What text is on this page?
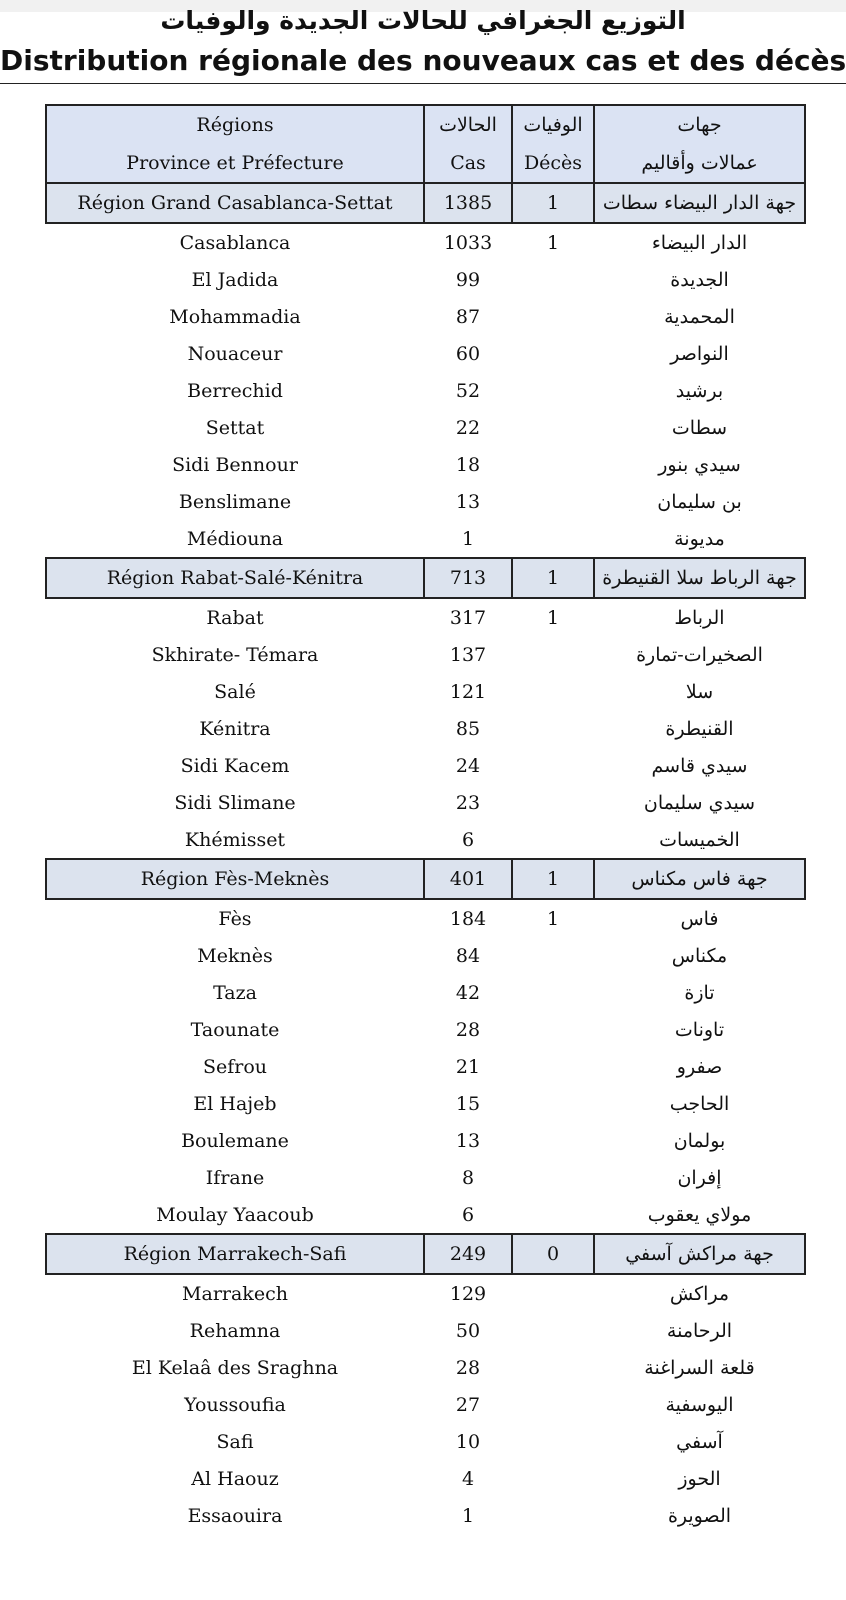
التوزيع الجغرافي للحالات الجديدة والوفيات
Distribution régionale des nouveaux cas et des décès
Régions	الحالات	الوفيات	جهات
Province et Préfecture	Cas	Décès	عمالات وأقاليم
Région Grand Casablanca-Settat	1385	1	جهة الدار البيضاء سطات
Casablanca	1033	1	الدار البيضاء
El Jadida	99		الجديدة
Mohammadia	87		المحمدية
Nouaceur	60		النواصر
Berrechid	52		برشيد
Settat	22		سطات
Sidi Bennour	18		سيدي بنور
Benslimane	13		بن سليمان
Médiouna	1		مديونة
Région Rabat-Salé-Kénitra	713	1	جهة الرباط سلا القنيطرة
Rabat	317	1	الرباط
Skhirate- Témara	137		الصخيرات-تمارة
Salé	121		سلا
Kénitra	85		القنيطرة
Sidi Kacem	24		سيدي قاسم
Sidi Slimane	23		سيدي سليمان
Khémisset	6		الخميسات
Région Fès-Meknès	401	1	جهة فاس مكناس
Fès	184	1	فاس
Meknès	84		مكناس
Taza	42		تازة
Taounate	28		تاونات
Sefrou	21		صفرو
El Hajeb	15		الحاجب
Boulemane	13		بولمان
Ifrane	8		إفران
Moulay Yaacoub	6		مولاي يعقوب
Région Marrakech-Safi	249	0	جهة مراكش آسفي
Marrakech	129		مراكش
Rehamna	50		الرحامنة
El Kelaâ des Sraghna	28		قلعة السراغنة
Youssoufia	27		اليوسفية
Safi	10		آسفي
Al Haouz	4		الحوز
Essaouira	1		الصويرة
